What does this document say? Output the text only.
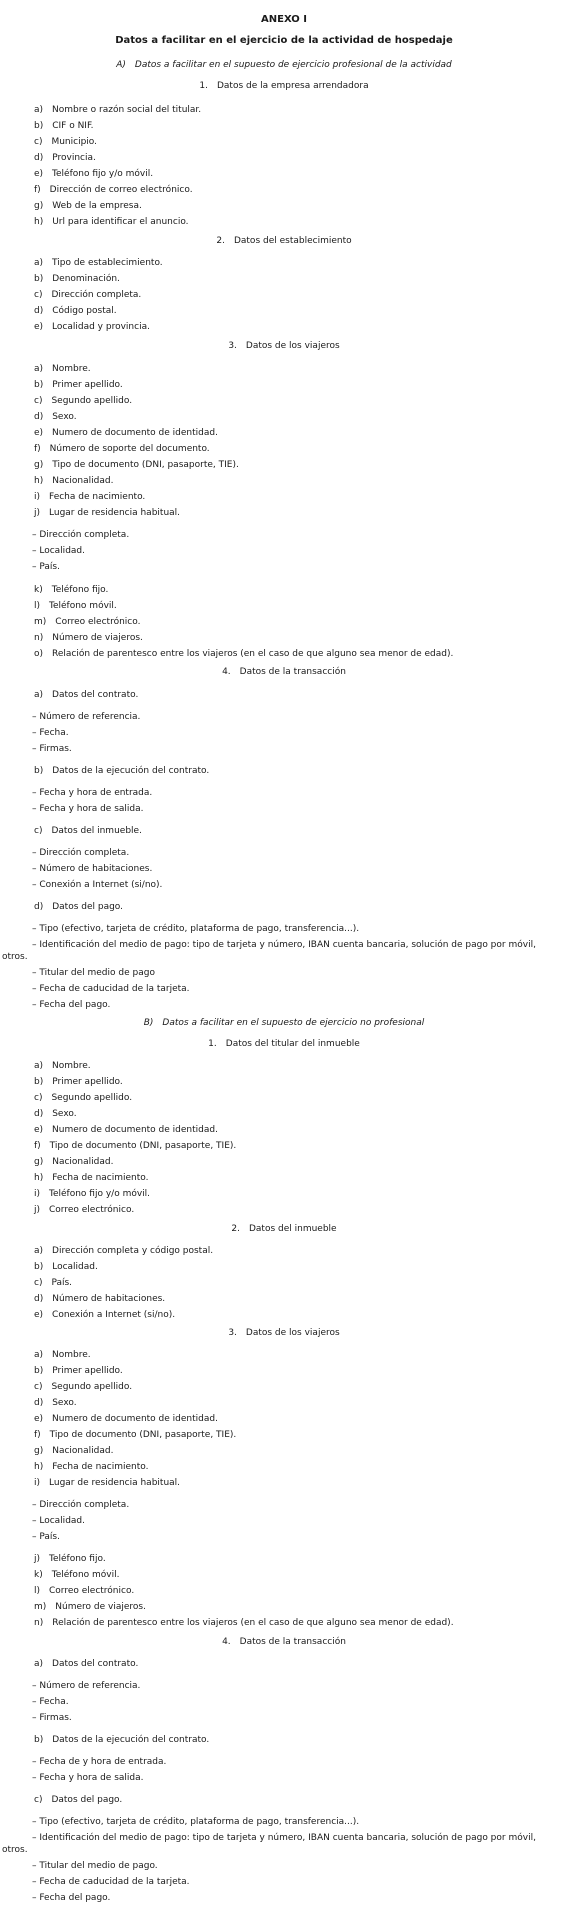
ANEXO I
Datos a facilitar en el ejercicio de la actividad de hospedaje
A) Datos a facilitar en el supuesto de ejercicio profesional de la actividad
1. Datos de la empresa arrendadora
a) Nombre o razón social del titular.
b) CIF o NIF.
c) Municipio.
d) Provincia.
e) Teléfono fijo y/o móvil.
f) Dirección de correo electrónico.
g) Web de la empresa.
h) Url para identificar el anuncio.
2. Datos del establecimiento
a) Tipo de establecimiento.
b) Denominación.
c) Dirección completa.
d) Código postal.
e) Localidad y provincia.
3. Datos de los viajeros
a) Nombre.
b) Primer apellido.
c) Segundo apellido.
d) Sexo.
e) Numero de documento de identidad.
f) Número de soporte del documento.
g) Tipo de documento (DNI, pasaporte, TIE).
h) Nacionalidad.
i) Fecha de nacimiento.
j) Lugar de residencia habitual.
– Dirección completa.
– Localidad.
– País.
k) Teléfono fijo.
l) Teléfono móvil.
m) Correo electrónico.
n) Número de viajeros.
o) Relación de parentesco entre los viajeros (en el caso de que alguno sea menor de edad).
4. Datos de la transacción
a) Datos del contrato.
– Número de referencia.
– Fecha.
– Firmas.
b) Datos de la ejecución del contrato.
– Fecha y hora de entrada.
– Fecha y hora de salida.
c) Datos del inmueble.
– Dirección completa.
– Número de habitaciones.
– Conexión a Internet (si/no).
d) Datos del pago.
– Tipo (efectivo, tarjeta de crédito, plataforma de pago, transferencia...).
– Identificación del medio de pago: tipo de tarjeta y número, IBAN cuenta bancaria, solución de pago por móvil,
otros.
– Titular del medio de pago
– Fecha de caducidad de la tarjeta.
– Fecha del pago.
B) Datos a facilitar en el supuesto de ejercicio no profesional
1. Datos del titular del inmueble
a) Nombre.
b) Primer apellido.
c) Segundo apellido.
d) Sexo.
e) Numero de documento de identidad.
f) Tipo de documento (DNI, pasaporte, TIE).
g) Nacionalidad.
h) Fecha de nacimiento.
i) Teléfono fijo y/o móvil.
j) Correo electrónico.
2. Datos del inmueble
a) Dirección completa y código postal.
b) Localidad.
c) País.
d) Número de habitaciones.
e) Conexión a Internet (si/no).
3. Datos de los viajeros
a) Nombre.
b) Primer apellido.
c) Segundo apellido.
d) Sexo.
e) Numero de documento de identidad.
f) Tipo de documento (DNI, pasaporte, TIE).
g) Nacionalidad.
h) Fecha de nacimiento.
i) Lugar de residencia habitual.
– Dirección completa.
– Localidad.
– País.
j) Teléfono fijo.
k) Teléfono móvil.
l) Correo electrónico.
m) Número de viajeros.
n) Relación de parentesco entre los viajeros (en el caso de que alguno sea menor de edad).
4. Datos de la transacción
a) Datos del contrato.
– Número de referencia.
– Fecha.
– Firmas.
b) Datos de la ejecución del contrato.
– Fecha de y hora de entrada.
– Fecha y hora de salida.
c) Datos del pago.
– Tipo (efectivo, tarjeta de crédito, plataforma de pago, transferencia...).
– Identificación del medio de pago: tipo de tarjeta y número, IBAN cuenta bancaria, solución de pago por móvil,
otros.
– Titular del medio de pago.
– Fecha de caducidad de la tarjeta.
– Fecha del pago.
